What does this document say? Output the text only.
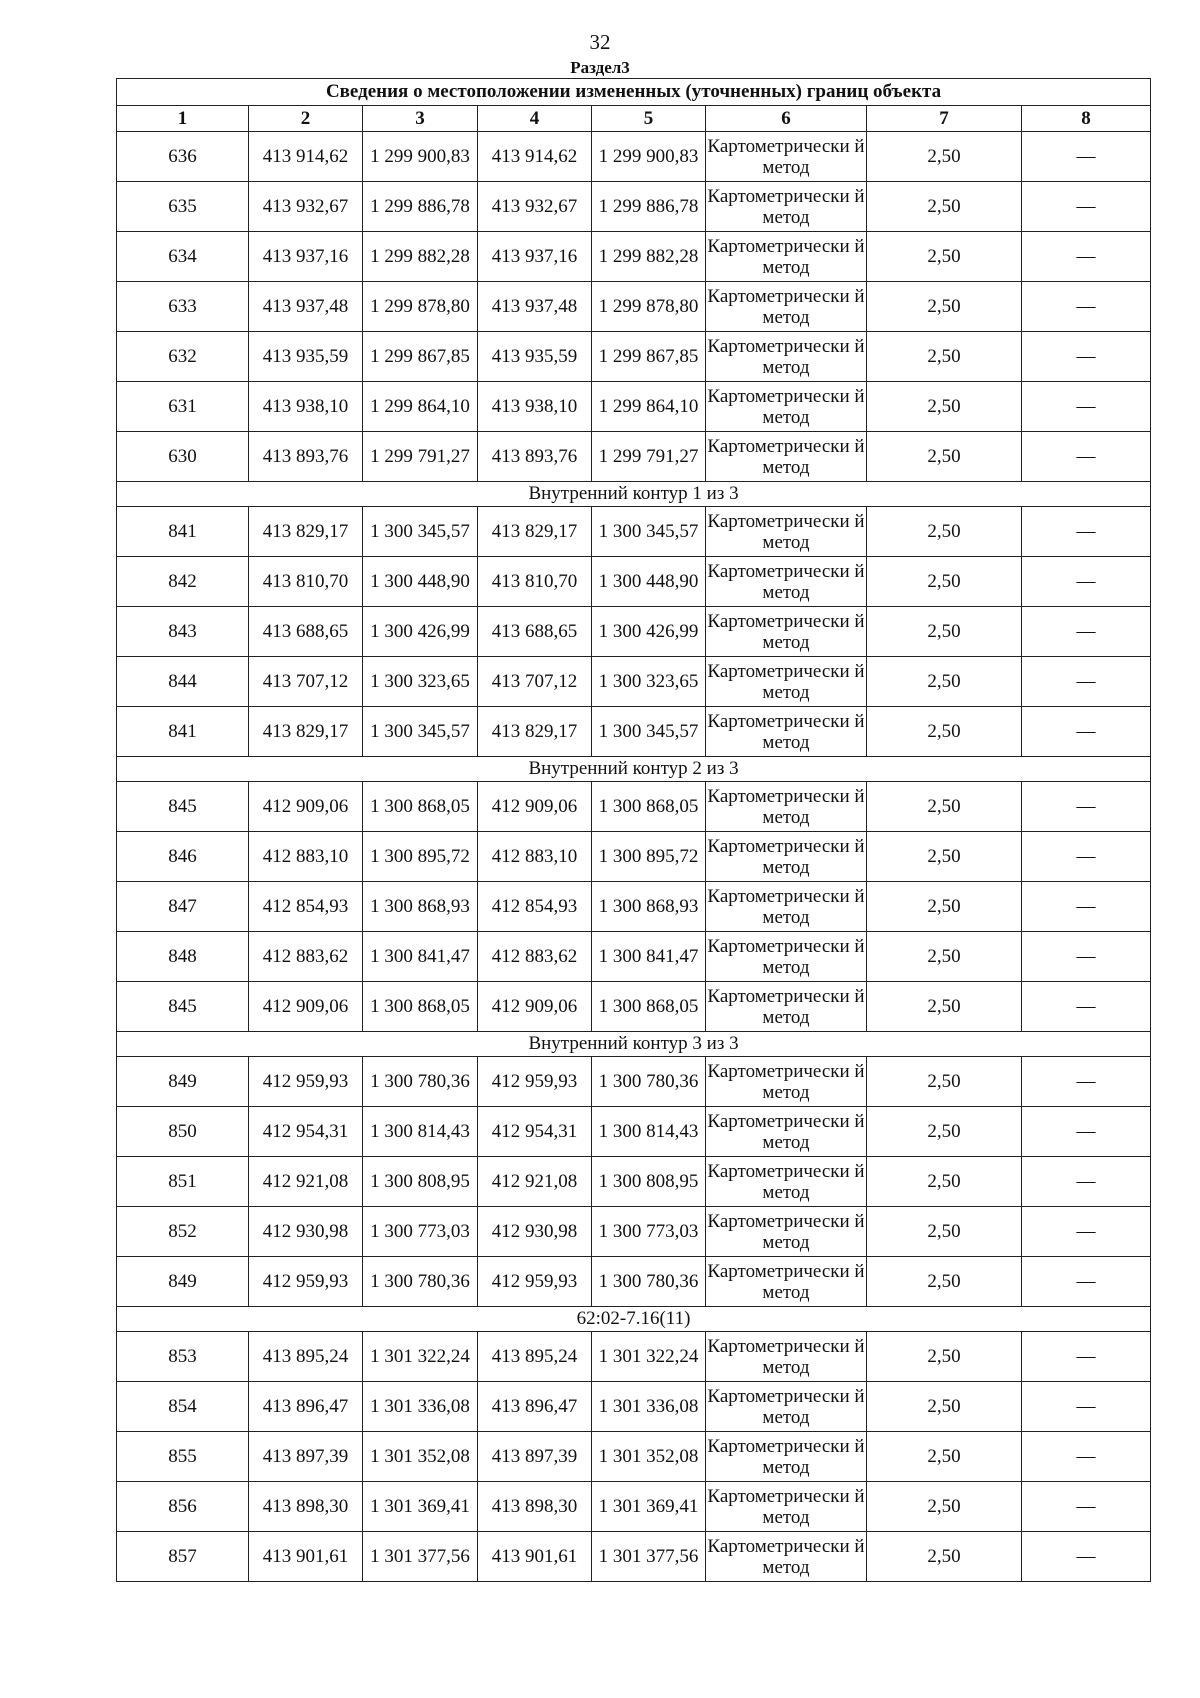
32
Раздел3
Сведения о местоположении измененных (уточненных) границ объекта							
1	2	3	4	5	6	7	8
636	413 914,62	1 299 900,83	413 914,62	1 299 900,83	Картометрически й метод	2,50	—
635	413 932,67	1 299 886,78	413 932,67	1 299 886,78	Картометрически й метод	2,50	—
634	413 937,16	1 299 882,28	413 937,16	1 299 882,28	Картометрически й метод	2,50	—
633	413 937,48	1 299 878,80	413 937,48	1 299 878,80	Картометрически й метод	2,50	—
632	413 935,59	1 299 867,85	413 935,59	1 299 867,85	Картометрически й метод	2,50	—
631	413 938,10	1 299 864,10	413 938,10	1 299 864,10	Картометрически й метод	2,50	—
630	413 893,76	1 299 791,27	413 893,76	1 299 791,27	Картометрически й метод	2,50	—
Внутренний контур 1 из 3							
841	413 829,17	1 300 345,57	413 829,17	1 300 345,57	Картометрически й метод	2,50	—
842	413 810,70	1 300 448,90	413 810,70	1 300 448,90	Картометрически й метод	2,50	—
843	413 688,65	1 300 426,99	413 688,65	1 300 426,99	Картометрически й метод	2,50	—
844	413 707,12	1 300 323,65	413 707,12	1 300 323,65	Картометрически й метод	2,50	—
841	413 829,17	1 300 345,57	413 829,17	1 300 345,57	Картометрически й метод	2,50	—
Внутренний контур 2 из 3							
845	412 909,06	1 300 868,05	412 909,06	1 300 868,05	Картометрически й метод	2,50	—
846	412 883,10	1 300 895,72	412 883,10	1 300 895,72	Картометрически й метод	2,50	—
847	412 854,93	1 300 868,93	412 854,93	1 300 868,93	Картометрически й метод	2,50	—
848	412 883,62	1 300 841,47	412 883,62	1 300 841,47	Картометрически й метод	2,50	—
845	412 909,06	1 300 868,05	412 909,06	1 300 868,05	Картометрически й метод	2,50	—
Внутренний контур 3 из 3							
849	412 959,93	1 300 780,36	412 959,93	1 300 780,36	Картометрически й метод	2,50	—
850	412 954,31	1 300 814,43	412 954,31	1 300 814,43	Картометрически й метод	2,50	—
851	412 921,08	1 300 808,95	412 921,08	1 300 808,95	Картометрически й метод	2,50	—
852	412 930,98	1 300 773,03	412 930,98	1 300 773,03	Картометрически й метод	2,50	—
849	412 959,93	1 300 780,36	412 959,93	1 300 780,36	Картометрически й метод	2,50	—
62:02-7.16(11)							
853	413 895,24	1 301 322,24	413 895,24	1 301 322,24	Картометрически й метод	2,50	—
854	413 896,47	1 301 336,08	413 896,47	1 301 336,08	Картометрически й метод	2,50	—
855	413 897,39	1 301 352,08	413 897,39	1 301 352,08	Картометрически й метод	2,50	—
856	413 898,30	1 301 369,41	413 898,30	1 301 369,41	Картометрически й метод	2,50	—
857	413 901,61	1 301 377,56	413 901,61	1 301 377,56	Картометрически й метод	2,50	—
